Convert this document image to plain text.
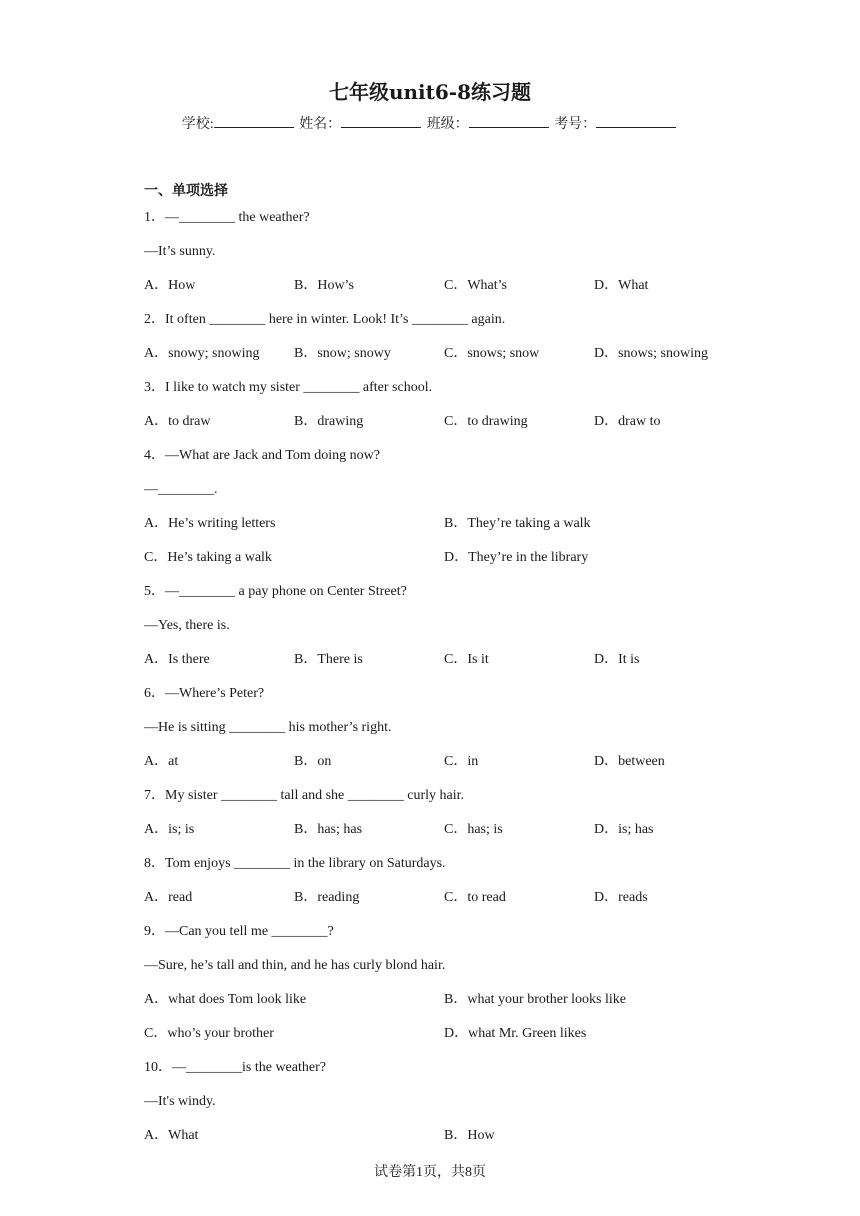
七年级unit6-8练习题
学校:	姓名：	班级：	考号：
一、单项选择
1．—________ the weather?
—It’s sunny.
A．How	B．How’s	C．What’s	D．What
2．It often ________ here in winter. Look! It’s ________ again.
A．snowy; snowing B．snow; snowy	C．snows; snow	D．snows; snowing
3．I like to watch my sister ________ after school.
A．to draw	B．drawing	C．to drawing	D．draw to
4．—What are Jack and Tom doing now?
—________.
A．He’s writing letters	B．They’re taking a walk
C．He’s taking a walk	D．They’re in the library
5．—________ a pay phone on Center Street?
—Yes, there is.
A．Is there	B．There is	C．Is it	D．It is
6．—Where’s Peter?
—He is sitting ________ his mother’s right.
A．at	B．on	C．in	D．between
7．My sister ________ tall and she ________ curly hair.
A．is; is	B．has; has	C．has; is	D．is; has
8．Tom enjoys ________ in the library on Saturdays.
A．read	B．reading	C．to read	D．reads
9．—Can you tell me ________?
—Sure, he’s tall and thin, and he has curly blond hair.
A．what does Tom look like	B．what your brother looks like
C．who’s your brother	D．what Mr. Green likes
10．—________is the weather?
—It's windy.
A．What	B．How
试卷第1页，共8页
